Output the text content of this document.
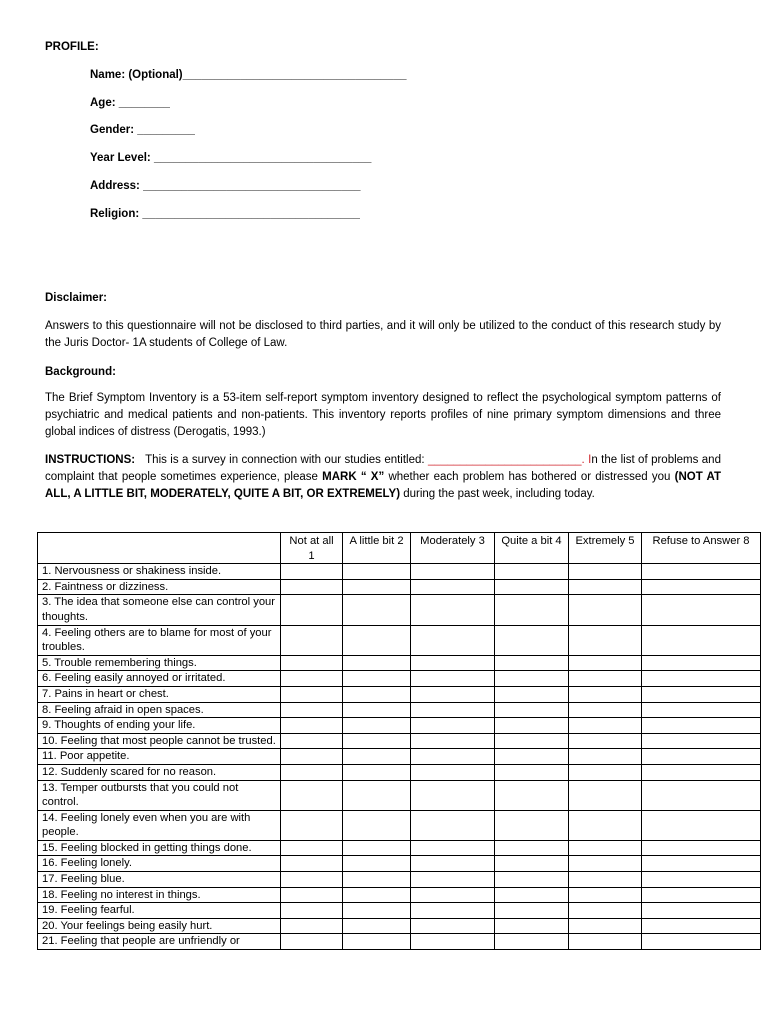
PROFILE:
Name: (Optional)___________________________________
Age: ________
Gender: _________
Year Level: __________________________________
Address: __________________________________
Religion: __________________________________
Disclaimer:
Answers to this questionnaire will not be disclosed to third parties, and it will only be utilized to the conduct of this research study by the Juris Doctor- 1A students of College of Law.
Background:
The Brief Symptom Inventory is a 53-item self-report symptom inventory designed to reflect the psychological symptom patterns of psychiatric and medical patients and non-patients. This inventory reports profiles of nine primary symptom dimensions and three global indices of distress (Derogatis, 1993.)
INSTRUCTIONS: This is a survey in connection with our studies entitled: ________________________. In the list of problems and complaint that people sometimes experience, please MARK “ X” whether each problem has bothered or distressed you (NOT AT ALL, A LITTLE BIT, MODERATELY, QUITE A BIT, OR EXTREMELY) during the past week, including today.
	Not at all 1	A little bit 2	Moderately 3	Quite a bit 4	Extremely 5	Refuse to Answer 8
1. Nervousness or shakiness inside.						
2. Faintness or dizziness.						
3. The idea that someone else can control your thoughts.						
4. Feeling others are to blame for most of your troubles.						
5. Trouble remembering things.						
6. Feeling easily annoyed or irritated.						
7. Pains in heart or chest.						
8. Feeling afraid in open spaces.						
9. Thoughts of ending your life.						
10. Feeling that most people cannot be trusted.						
11. Poor appetite.						
12. Suddenly scared for no reason.						
13. Temper outbursts that you could not control.						
14. Feeling lonely even when you are with people.						
15. Feeling blocked in getting things done.						
16. Feeling lonely.						
17. Feeling blue.						
18. Feeling no interest in things.						
19. Feeling fearful.						
20. Your feelings being easily hurt.						
21. Feeling that people are unfriendly or						
